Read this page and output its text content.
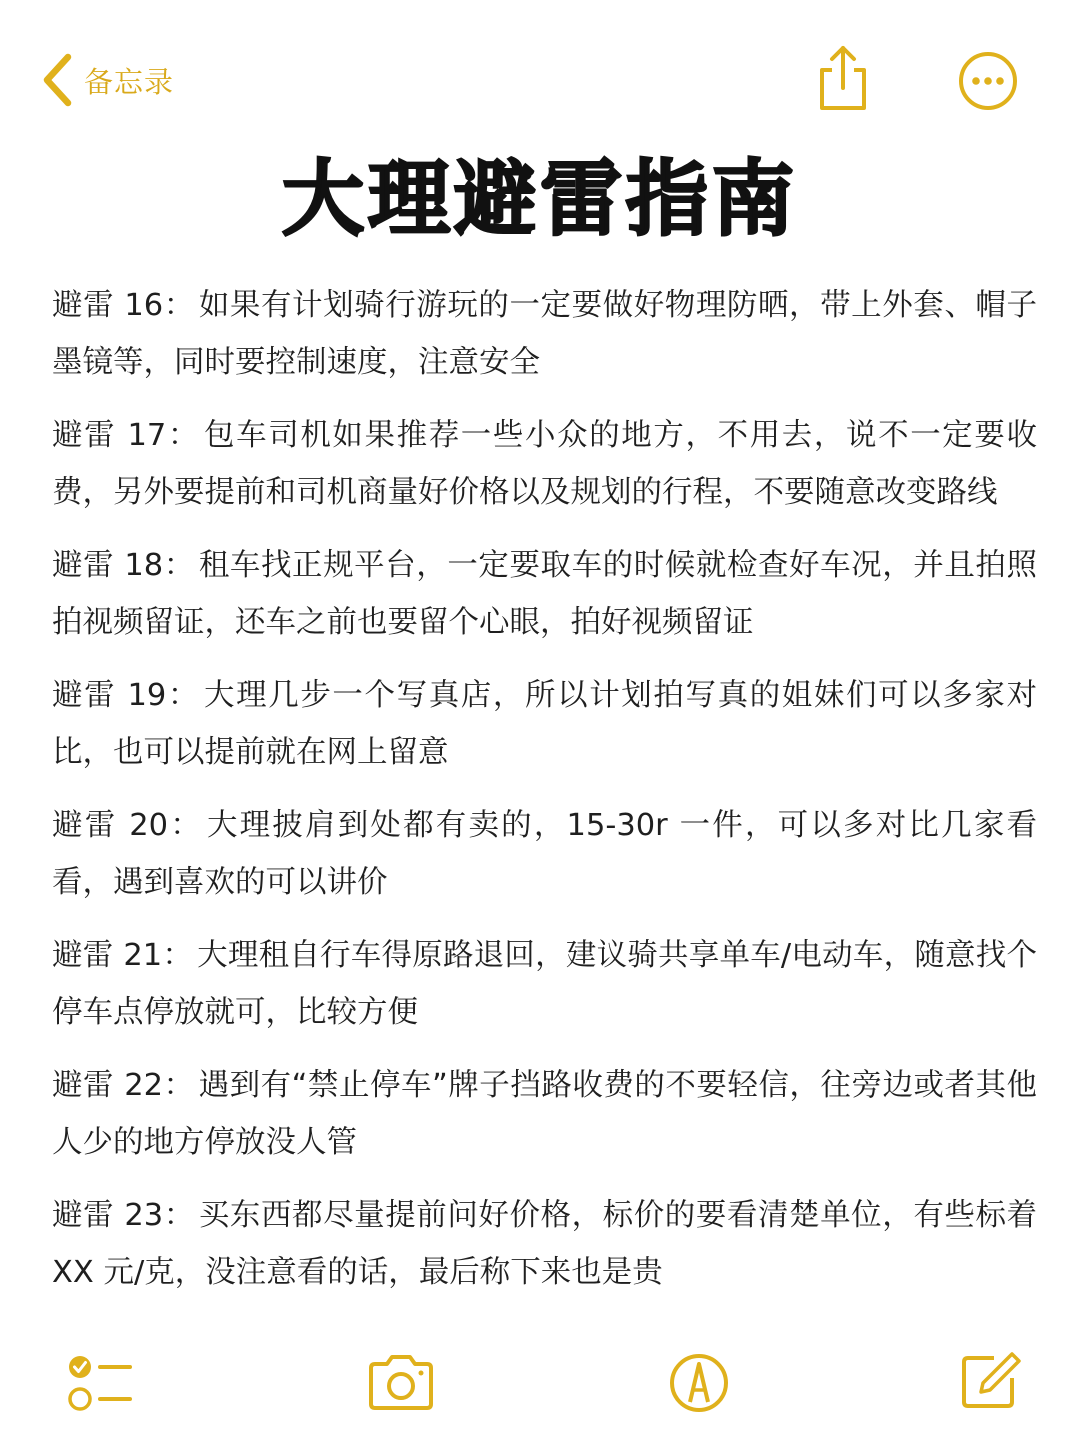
备忘录
大理避雷指南

避雷 16： 如果有计划骑行游玩的一定要做好物理防晒，带上外套、帽子墨镜等，同时要控制速度，注意安全

避雷 17： 包车司机如果推荐一些小众的地方，不用去，说不一定要收费，另外要提前和司机商量好价格以及规划的行程，不要随意改变路线

避雷 18： 租车找正规平台，一定要取车的时候就检查好车况，并且拍照拍视频留证，还车之前也要留个心眼，拍好视频留证

避雷 19： 大理几步一个写真店，所以计划拍写真的姐妹们可以多家对比，也可以提前就在网上留意

避雷 20： 大理披肩到处都有卖的，15-30r 一件，可以多对比几家看看，遇到喜欢的可以讲价

避雷 21： 大理租自行车得原路退回，建议骑共享单车/电动车，随意找个停车点停放就可，比较方便

避雷 22： 遇到有“禁止停车”牌子挡路收费的不要轻信，往旁边或者其他人少的地方停放没人管

避雷 23： 买东西都尽量提前问好价格，标价的要看清楚单位，有些标着 XX 元/克，没注意看的话，最后称下来也是贵
